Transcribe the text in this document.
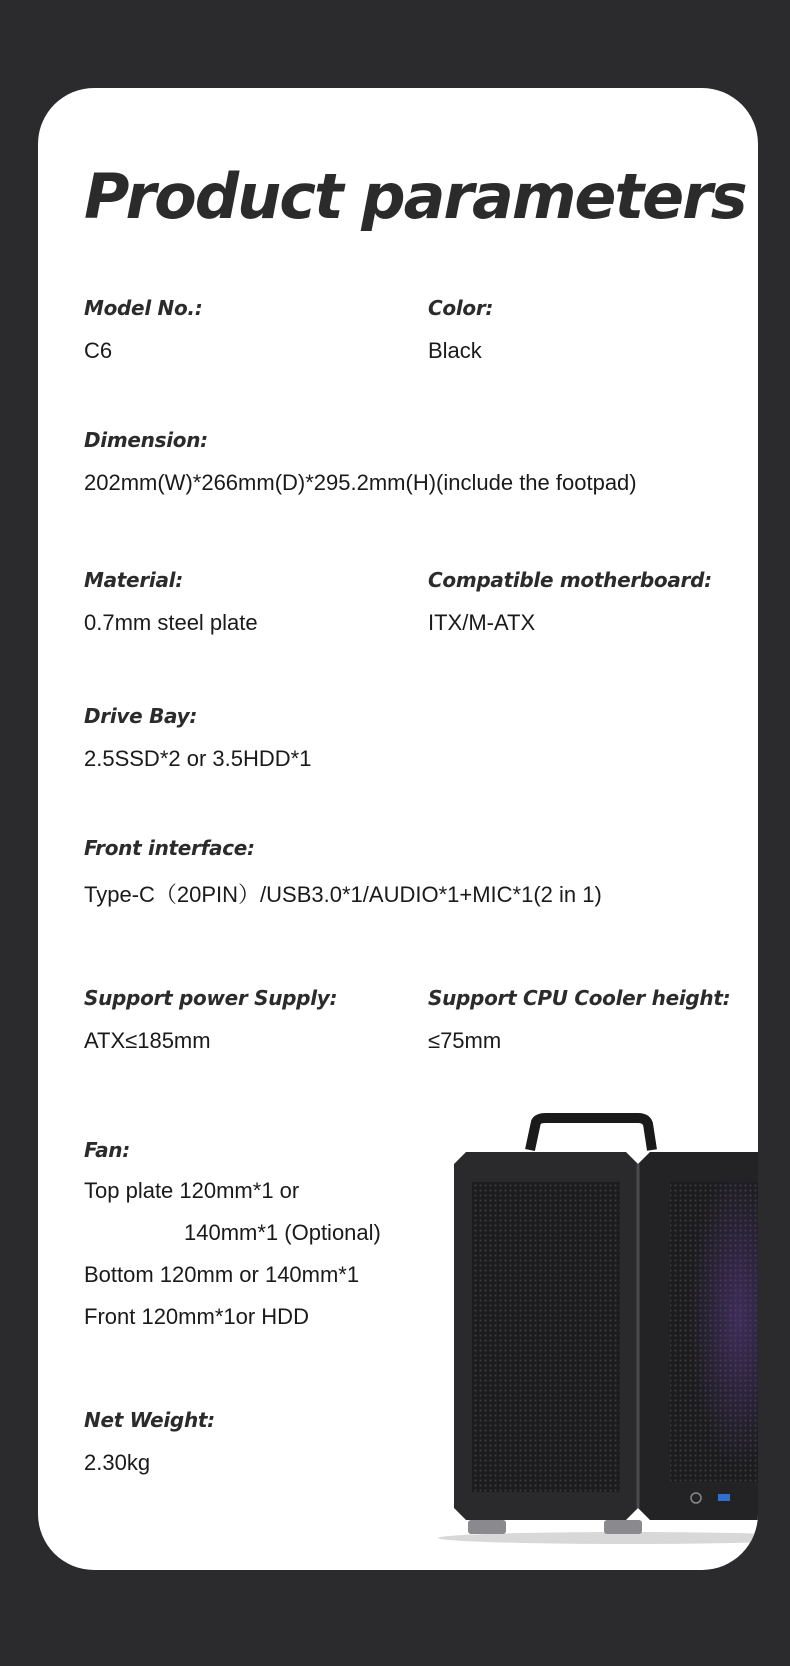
Product parameters
Model No.:
C6
Color:
Black
Dimension:
202mm(W)*266mm(D)*295.2mm(H)(include the footpad)
Material:
0.7mm steel plate
Compatible motherboard:
ITX/M-ATX
Drive Bay:
2.5SSD*2 or 3.5HDD*1
Front interface:
Type-C（20PIN）/USB3.0*1/AUDIO*1+MIC*1(2 in 1)
Support power Supply:
ATX≤185mm
Support CPU Cooler height:
≤75mm
Fan:
Top plate 120mm*1 or
140mm*1 (Optional)
Bottom 120mm or 140mm*1
Front 120mm*1or HDD
Net Weight:
2.30kg
